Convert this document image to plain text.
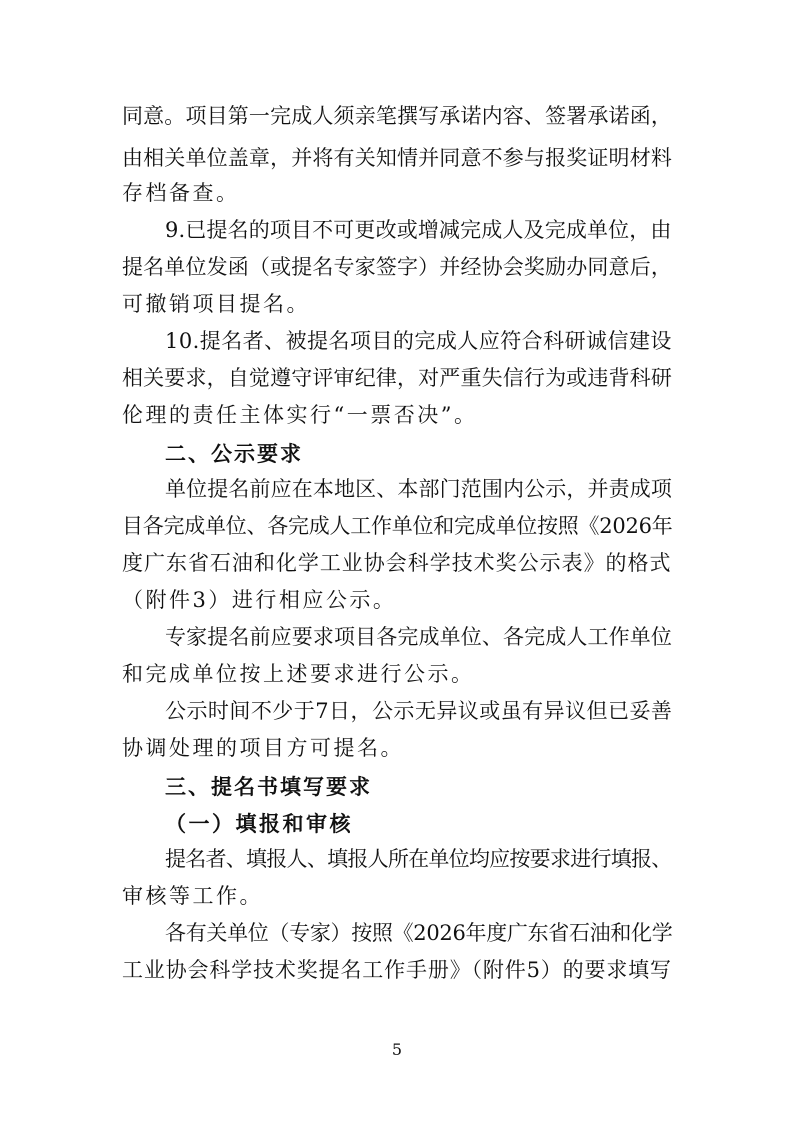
同意。项目第一完成人须亲笔撰写承诺内容、签署承诺函，
由相关单位盖章，并将有关知情并同意不参与报奖证明材料
存档备查。
9.已提名的项目不可更改或增减完成人及完成单位，由
提名单位发函（或提名专家签字）并经协会奖励办同意后，
可撤销项目提名。
10.提名者、被提名项目的完成人应符合科研诚信建设
相关要求，自觉遵守评审纪律，对严重失信行为或违背科研
伦理的责任主体实行“一票否决”。
二、公示要求
单位提名前应在本地区、本部门范围内公示，并责成项
目各完成单位、各完成人工作单位和完成单位按照《2026年
度广东省石油和化学工业协会科学技术奖公示表》的格式
（附件3）进行相应公示。
专家提名前应要求项目各完成单位、各完成人工作单位
和完成单位按上述要求进行公示。
公示时间不少于7日，公示无异议或虽有异议但已妥善
协调处理的项目方可提名。
三、提名书填写要求
（一）填报和审核
提名者、填报人、填报人所在单位均应按要求进行填报、
审核等工作。
各有关单位（专家）按照《2026年度广东省石油和化学
工业协会科学技术奖提名工作手册》（附件5）的要求填写
5
